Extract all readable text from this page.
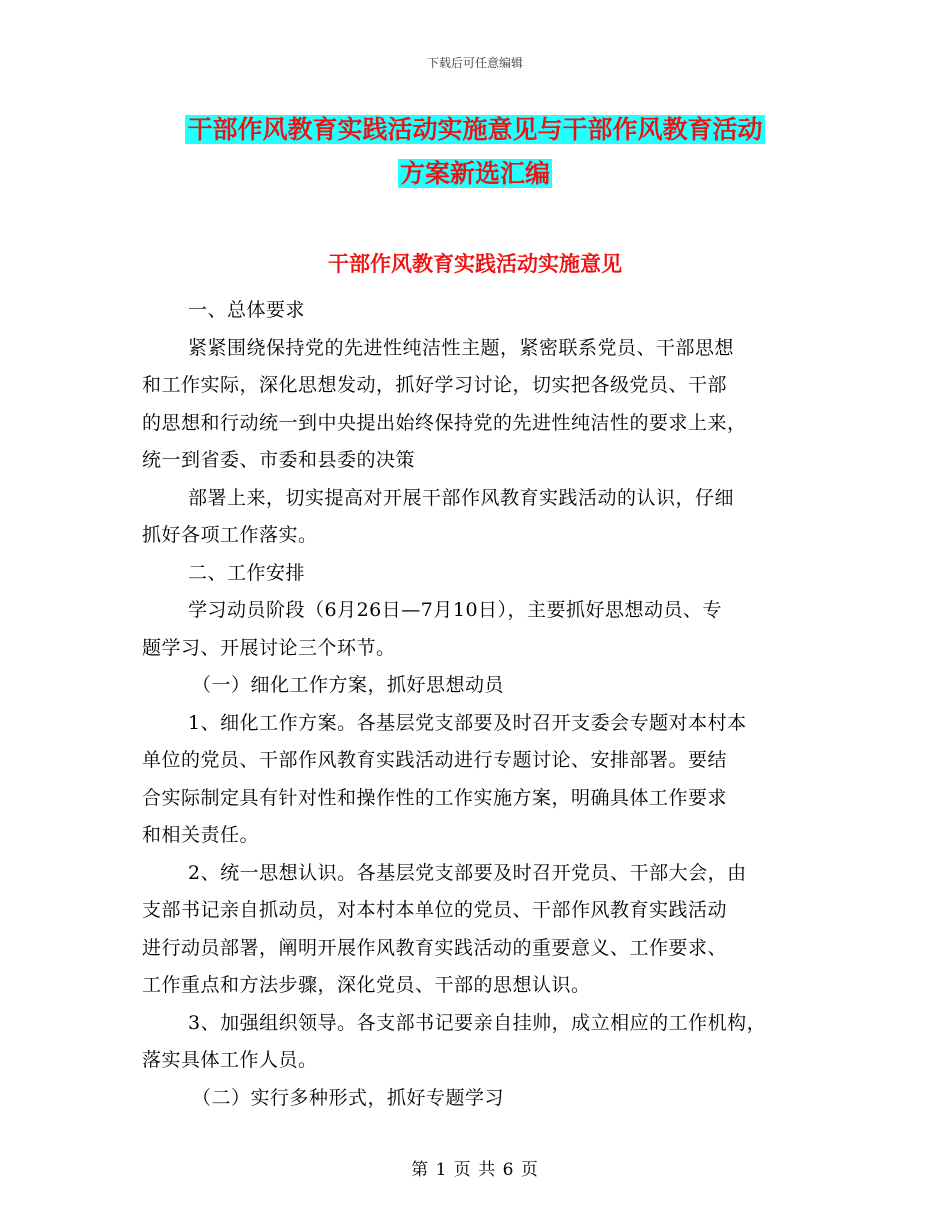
下载后可任意编辑
干部作风教育实践活动实施意见与干部作风教育活动
方案新选汇编
干部作风教育实践活动实施意见
一、总体要求
紧紧围绕保持党的先进性纯洁性主题，紧密联系党员、干部思想
和工作实际，深化思想发动，抓好学习讨论，切实把各级党员、干部
的思想和行动统一到中央提出始终保持党的先进性纯洁性的要求上来，
统一到省委、市委和县委的决策
部署上来，切实提高对开展干部作风教育实践活动的认识，仔细
抓好各项工作落实。
二、工作安排
学习动员阶段（6月26日—7月10日），主要抓好思想动员、专
题学习、开展讨论三个环节。
（一）细化工作方案，抓好思想动员
1、细化工作方案。各基层党支部要及时召开支委会专题对本村本
单位的党员、干部作风教育实践活动进行专题讨论、安排部署。要结
合实际制定具有针对性和操作性的工作实施方案，明确具体工作要求
和相关责任。
2、统一思想认识。各基层党支部要及时召开党员、干部大会，由
支部书记亲自抓动员，对本村本单位的党员、干部作风教育实践活动
进行动员部署，阐明开展作风教育实践活动的重要意义、工作要求、
工作重点和方法步骤，深化党员、干部的思想认识。
3、加强组织领导。各支部书记要亲自挂帅，成立相应的工作机构，
落实具体工作人员。
（二）实行多种形式，抓好专题学习
第 1 页 共 6 页
